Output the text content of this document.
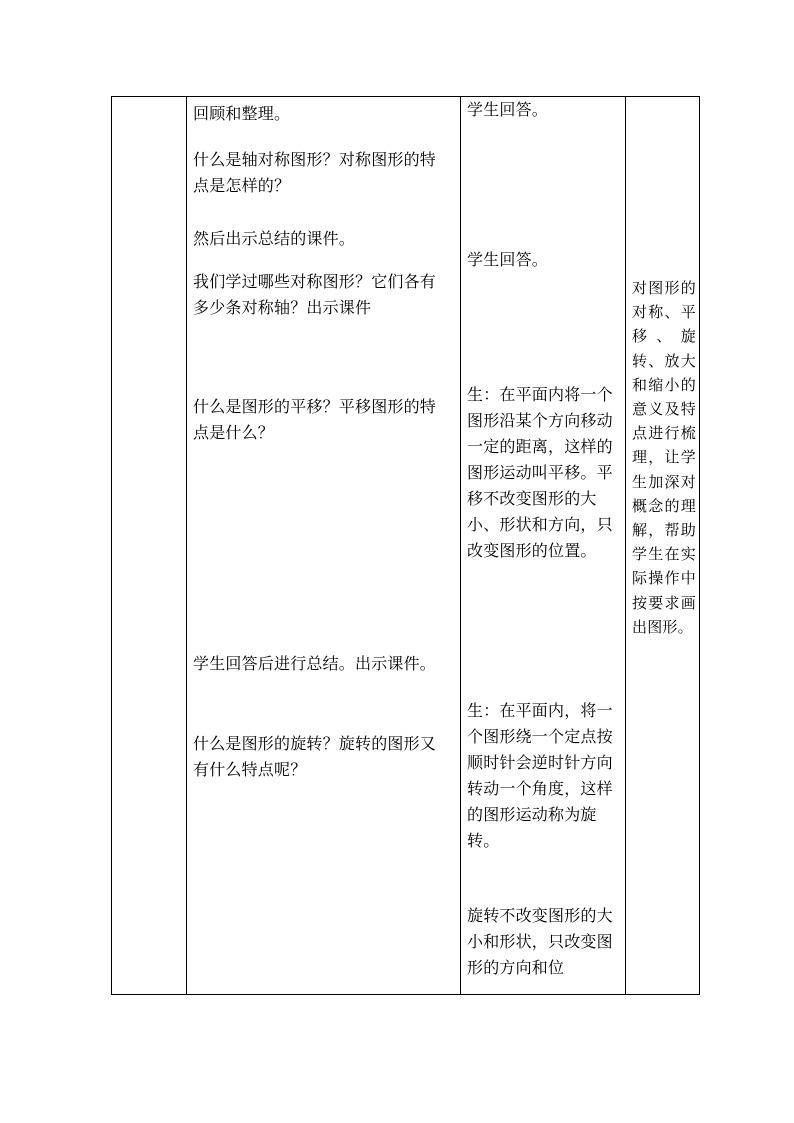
回顾和整理。

什么是轴对称图形？对称图形的特点是怎样的？

然后出示总结的课件。

我们学过哪些对称图形？它们各有多少条对称轴？出示课件

什么是图形的平移？平移图形的特点是什么？

学生回答后进行总结。出示课件。

什么是图形的旋转？旋转的图形又有什么特点呢？

学生回答。

学生回答。

生：在平面内将一个图形沿某个方向移动一定的距离，这样的图形运动叫平移。平移不改变图形的大小、形状和方向，只改变图形的位置。

生：在平面内，将一个图形绕一个定点按顺时针会逆时针方向转动一个角度，这样的图形运动称为旋转。

旋转不改变图形的大小和形状，只改变图形的方向和位

对图形的对称、平移、旋转、放大和缩小的意义及特点进行梳理，让学生加深对概念的理解，帮助学生在实际操作中按要求画出图形。
